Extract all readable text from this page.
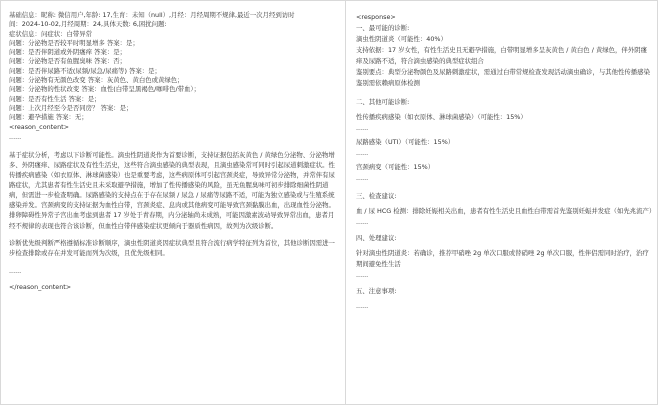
基础信息：昵称: 微信用户,年龄: 17,生育：未知（null）,月经：月经周期不规律,最近一次月经到访时
间：2024-10-02,月经周期：24,具体天数: 6,困扰问题:
症状信息：问症状：白带异常
问题：分泌物是否较平时明显增多 答案：是；
问题：是否伴阴道或外阴瘙痒 答案：是；
问题：分泌物是否有鱼腥臭味 答案：否；
问题：是否伴尿路不适(尿频/尿急/尿痛等) 答案：是；
问题：分泌物有无颜色改变 答案：灰黄色、黄白色或黄绿色；
问题：分泌物的性状改变 答案：血性(白带呈黑褐色/咖啡色/带血）；
问题：是否有性生活 答案：是；
问题：上次月经至今是否同房？ 答案：是；
问题：避孕措施 答案：无；
<reason_content>
......
基于症状分析，考虑以下诊断可能性。滴虫性阴道炎作为首要诊断，支持证据包括灰黄色 / 黄绿色分泌物、分泌物增多、外阴瘙痒、尿路症状及有性生活史，这些符合滴虫感染的典型表现，且滴虫感染常可同时引起尿道刺激症状。性传播疾病感染（如衣原体、淋球菌感染）也是重要考虑，这些病原体可引起宫颈炎症，导致异常分泌物，并常伴有尿路症状，尤其患者有性生活史且未采取避孕措施，增加了性传播感染的风险，虽无鱼腥臭味可初步排除细菌性阴道病，但需进一步检查明确。尿路感染的支持点在于存在尿频 / 尿急 / 尿痛等尿路不适，可能为独立感染或与生殖系统感染并发。宫颈病变的支持证据为血性白带，宫颈炎症、息肉或其他病变可能导致宫颈黏膜出血，出现血性分泌物。排卵障碍性异常子宫出血考虑到患者 17 岁处于青春期，内分泌轴尚未成熟，可能因激素波动导致异常出血，患者月经不规律的表现也符合该诊断，但血性白带伴感染症状更倾向于器质性病因，故列为次级诊断。
诊断优先级判断严格遵循标准诊断顺序，滴虫性阴道炎因症状典型且符合流行病学特征列为首位，其他诊断因需进一步检查排除或存在并发可能而列为次级，且优先级相同。
......
</reason_content>
<response>
一、最可能的诊断:
滴虫性阴道炎（可能性：40%）
支持依据：17 岁女性，有性生活史且无避孕措施，白带明显增多呈灰黄色 / 黄白色 / 黄绿色，伴外阴瘙痒及尿路不适，符合滴虫感染的典型症状组合
鉴别要点：典型分泌物颜色及尿路刺激症状，需通过白带常规检查发现活动滴虫确诊，与其他性传播感染鉴别需依赖病原体检测
二、其他可能诊断:
性传播疾病感染（如衣原体、淋球菌感染）（可能性：15%）
......
尿路感染（UTI）（可能性：15%）
......
宫颈病变（可能性：15%）
......
三、检查建议:
血 / 尿 HCG 检测：排除妊娠相关出血，患者有性生活史且血性白带需首先鉴别妊娠并发症（如先兆流产）
......
四、处理建议:
针对滴虫性阴道炎：若确诊，推荐甲硝唑 2g 单次口服或替硝唑 2g 单次口服，性伴侣需同时治疗，治疗期间避免性生活
......
五、注意事项:
......
